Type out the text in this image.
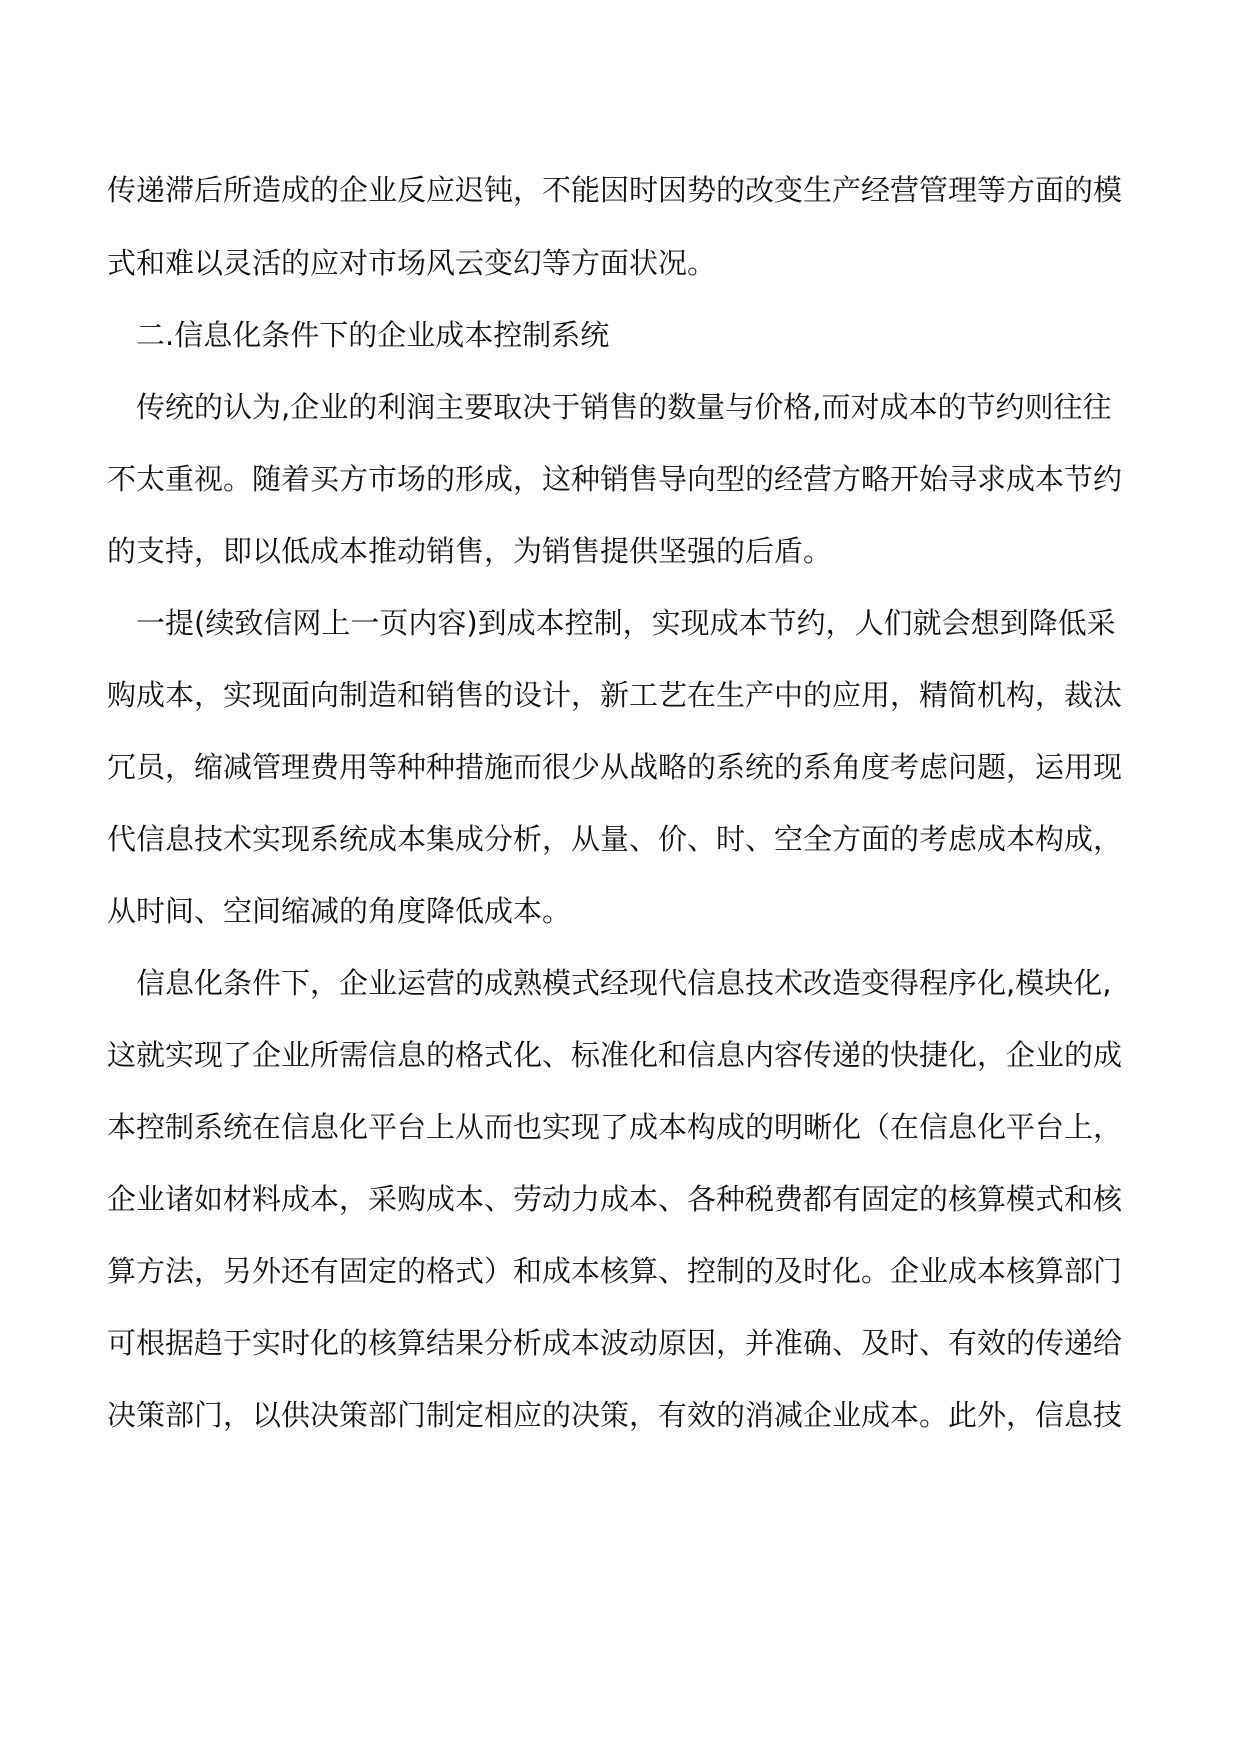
传递滞后所造成的企业反应迟钝，不能因时因势的改变生产经营管理等方面的模
式和难以灵活的应对市场风云变幻等方面状况。
二.信息化条件下的企业成本控制系统
传统的认为,企业的利润主要取决于销售的数量与价格,而对成本的节约则往往
不太重视。随着买方市场的形成，这种销售导向型的经营方略开始寻求成本节约
的支持，即以低成本推动销售，为销售提供坚强的后盾。
一提(续致信网上一页内容)到成本控制，实现成本节约，人们就会想到降低采
购成本，实现面向制造和销售的设计，新工艺在生产中的应用，精简机构，裁汰
冗员，缩减管理费用等种种措施而很少从战略的系统的系角度考虑问题，运用现
代信息技术实现系统成本集成分析，从量、价、时、空全方面的考虑成本构成，
从时间、空间缩减的角度降低成本。
信息化条件下，企业运营的成熟模式经现代信息技术改造变得程序化,模块化,
这就实现了企业所需信息的格式化、标准化和信息内容传递的快捷化，企业的成
本控制系统在信息化平台上从而也实现了成本构成的明晰化（在信息化平台上，
企业诸如材料成本，采购成本、劳动力成本、各种税费都有固定的核算模式和核
算方法，另外还有固定的格式）和成本核算、控制的及时化。企业成本核算部门
可根据趋于实时化的核算结果分析成本波动原因，并准确、及时、有效的传递给
决策部门，以供决策部门制定相应的决策，有效的消减企业成本。此外，信息技
